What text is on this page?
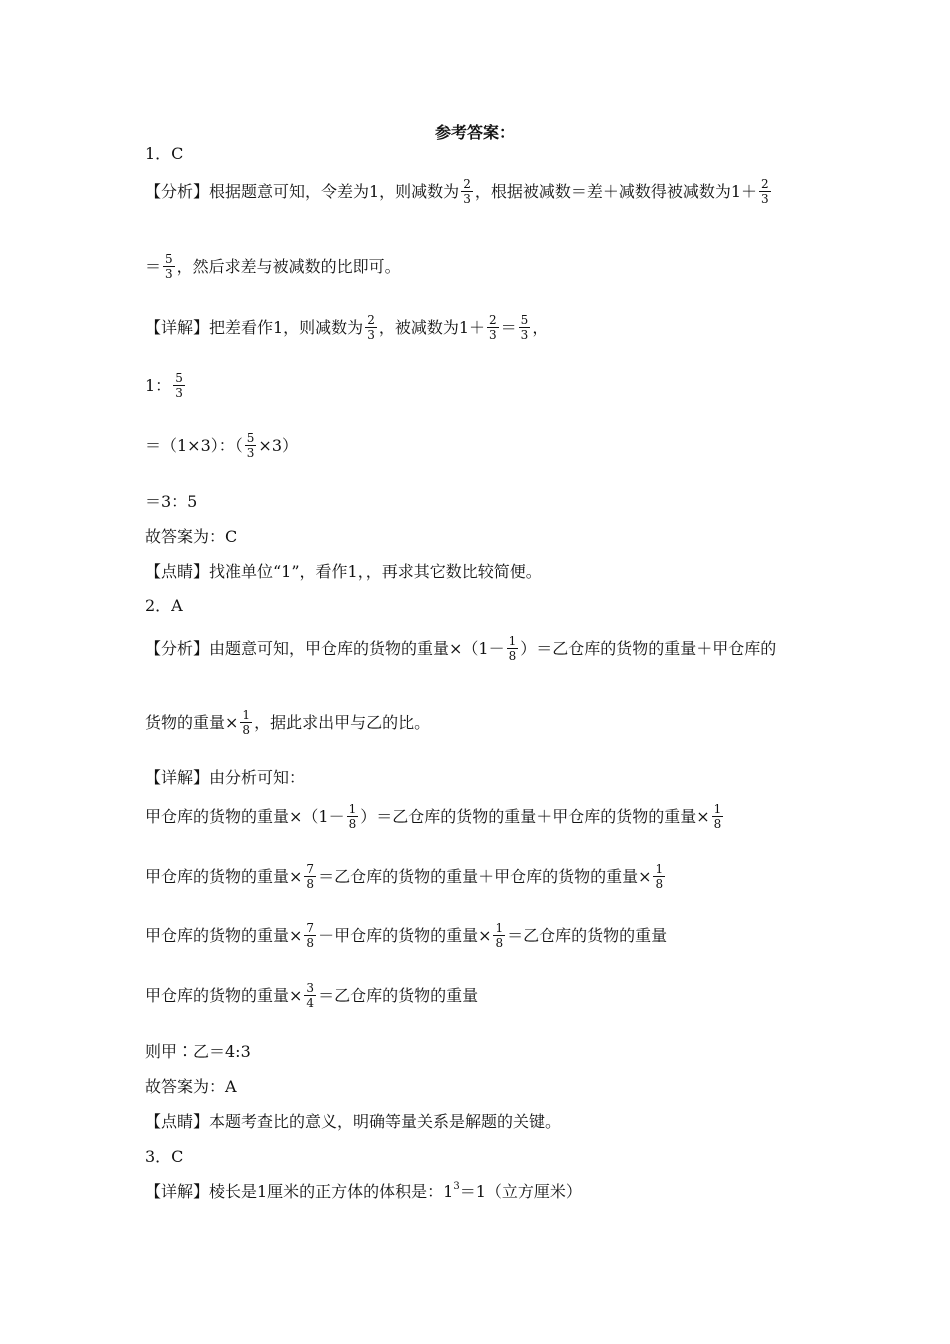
参考答案：
1．C
【分析】根据题意可知，令差为1，则减数为 $\frac{2}{3}$ ，根据被减数＝差＋减数得被减数为$1+ \frac{2}{3}$
＝ $\frac{5}{3}$ ，然后求差与被减数的比即可。
【详解】把差看作1，则减数为 $\frac{2}{3}$ ，被减数为$1+ \frac{2}{3} = \frac{5}{3}$ ，
1： $\frac{5}{3}$
＝（1×3）：（ $\frac{5}{3} \times 3$）
＝3：5
故答案为：C
【点睛】找准单位“1”，看作1，，再求其它数比较简便。
2．A
【分析】由题意可知，甲仓库的货物的重量$\times(1- \frac{1}{8}$ ）＝乙仓库的货物的重量＋甲仓库的
货物的重量× $\frac{1}{8}$ ，据此求出甲与乙的比。
【详解】由分析可知：
甲仓库的货物的重量$\times(1- \frac{1}{8}$ ）＝乙仓库的货物的重量＋甲仓库的货物的重量× $\frac{1}{8}$
甲仓库的货物的重量× $\frac{7}{8}$ ＝乙仓库的货物的重量＋甲仓库的货物的重量× $\frac{1}{8}$
甲仓库的货物的重量× $\frac{7}{8}$ －甲仓库的货物的重量× $\frac{1}{8}$ ＝乙仓库的货物的重量
甲仓库的货物的重量× $\frac{3}{4}$ ＝乙仓库的货物的重量
则甲∶乙＝4:3
故答案为：A
【点睛】本题考查比的意义，明确等量关系是解题的关键。
3．C
【详解】棱长是1厘米的正方体的体积是：$1^3 =1$（立方厘米）
